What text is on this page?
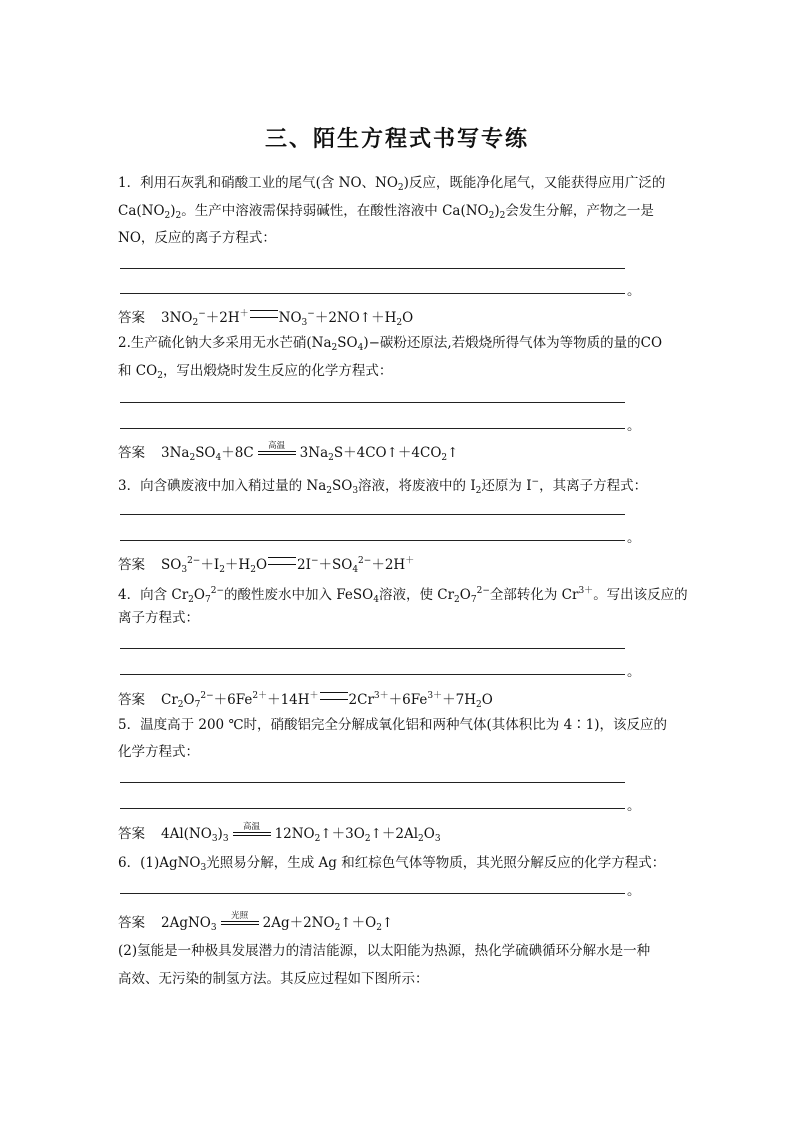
三、陌生方程式书写专练
1．利用石灰乳和硝酸工业的尾气(含 NO、$NO_2$)反应，既能净化尾气，又能获得应用广泛的
$Ca(NO_2)_2$。生产中溶液需保持弱碱性，在酸性溶液中 $Ca(NO_2)_2$会发生分解，产物之一是
NO，反应的离子方程式：
。
答案 $3NO_2^-+2H^+$ $NO_3^-+2NO↑+H_2O$
2.生产硫化钠大多采用无水芒硝$(Na_2SO_4)-$碳粉还原法,若煅烧所得气体为等物质的量的CO
和 $CO_2$，写出煅烧时发生反应的化学方程式：
。
答案 $3Na_2SO_4+8C$	高温	$3Na_2S+4CO↑+4CO_2↑$
3．向含碘废液中加入稍过量的 $Na_2SO_3$溶液，将废液中的 $I_2$还原为 I−，其离子方程式：
。
答案 $SO_3^{2-}+I_2+H_2O$ $2I^-+SO_4^{2-}+2H^+$
4．向含 $Cr_2O_7^{2-}$的酸性废水中加入 FeSO$_4$溶液，使 $Cr_2O_7^{2-}$全部转化为 $Cr^{3+}$。写出该反应的
离子方程式：
。
答案 $Cr_2O_7^{2-}+6Fe^{2+}+14H^+$ $2Cr^{3+}+6Fe^{3+}+7H_2O$
5．温度高于 200 ℃时，硝酸铝完全分解成氧化铝和两种气体(其体积比为 4∶1)，该反应的
化学方程式：
。
答案 $4Al(NO_3)_3$
高温	$12NO_2↑+3O_2↑+2Al_2O_3$
6．(1)AgNO$_3$光照易分解，生成 Ag 和红棕色气体等物质，其光照分解反应的化学方程式：
。
答案 2AgNO$_3$
光照	$2Ag+2NO_2↑+O_2↑$
(2)氢能是一种极具发展潜力的清洁能源，以太阳能为热源，热化学硫碘循环分解水是一种
高效、无污染的制氢方法。其反应过程如下图所示：
